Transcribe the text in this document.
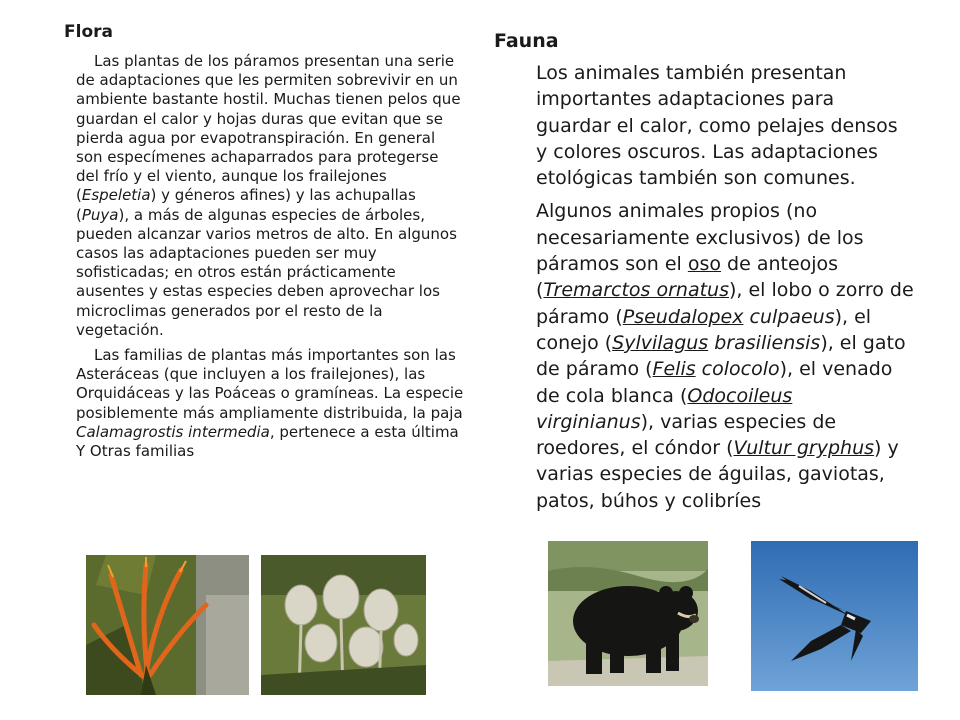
Flora

Las plantas de los páramos presentan una serie de adaptaciones que les permiten sobrevivir en un ambiente bastante hostil. Muchas tienen pelos que guardan el calor y hojas duras que evitan que se pierda agua por evapotranspiración. En general son especímenes achaparrados para protegerse del frío y el viento, aunque los frailejones (Espeletia) y géneros afines) y las achupallas (Puya), a más de algunas especies de árboles, pueden alcanzar varios metros de alto. En algunos casos las adaptaciones pueden ser muy sofisticadas; en otros están prácticamente ausentes y estas especies deben aprovechar los microclimas generados por el resto de la vegetación.

Las familias de plantas más importantes son las Asteráceas (que incluyen a los frailejones), las Orquidáceas y las Poáceas o gramíneas. La especie posiblemente más ampliamente distribuida, la paja Calamagrostis intermedia, pertenece a esta última Y Otras familias

Fauna

Los animales también presentan importantes adaptaciones para guardar el calor, como pelajes densos y colores oscuros. Las adaptaciones etológicas también son comunes.

Algunos animales propios (no necesariamente exclusivos) de los páramos son el oso de anteojos (Tremarctos ornatus), el lobo o zorro de páramo (Pseudalopex culpaeus), el conejo (Sylvilagus brasiliensis), el gato de páramo (Felis colocolo), el venado de cola blanca (Odocoileus virginianus), varias especies de roedores, el cóndor (Vultur gryphus) y varias especies de águilas, gaviotas, patos, búhos y colibríes
